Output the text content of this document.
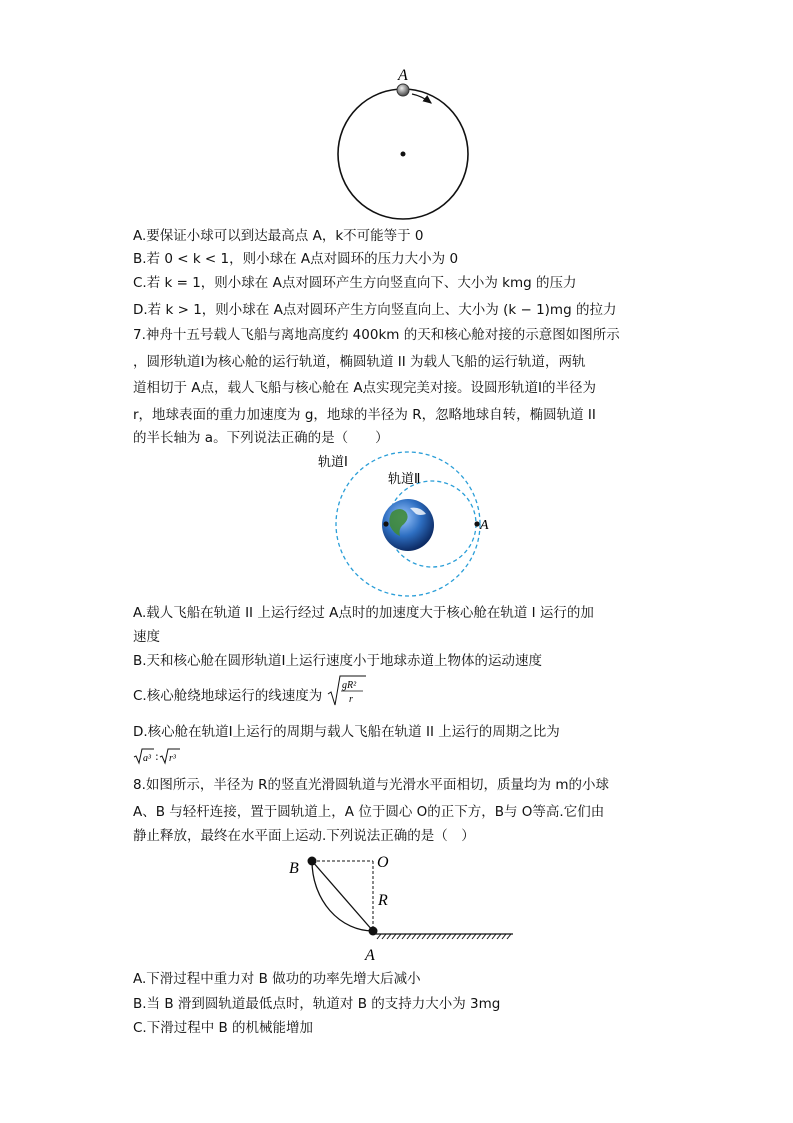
A
A.要保证小球可以到达最高点 A，k不可能等于 0
B.若 0 < k < 1，则小球在 A点对圆环的压力大小为 0
C.若 k = 1，则小球在 A点对圆环产生方向竖直向下、大小为 kmg 的压力
D.若 k > 1，则小球在 A点对圆环产生方向竖直向上、大小为 (k − 1)mg 的拉力
7.神舟十五号载人飞船与离地高度约 400km 的天和核心舱对接的示意图如图所示
，圆形轨道Ⅰ为核心舱的运行轨道，椭圆轨道 II 为载人飞船的运行轨道，两轨
道相切于 A点，载人飞船与核心舱在 A点实现完美对接。设圆形轨道Ⅰ的半径为
r，地球表面的重力加速度为 g，地球的半径为 R，忽略地球自转，椭圆轨道 II
的半长轴为 a。下列说法正确的是（　　）
轨道Ⅰ
轨道Ⅱ
A
A.载人飞船在轨道 II 上运行经过 A点时的加速度大于核心舱在轨道 I 运行的加
速度
B.天和核心舱在圆形轨道Ⅰ上运行速度小于地球赤道上物体的运动速度
C.核心舱绕地球运行的线速度为
gR²
r
D.核心舱在轨道Ⅰ上运行的周期与载人飞船在轨道 II 上运行的周期之比为
a³ : r³
8.如图所示，半径为 R的竖直光滑圆轨道与光滑水平面相切，质量均为 m的小球
A、B 与轻杆连接，置于圆轨道上，A 位于圆心 O的正下方，B与 O等高.它们由
静止释放，最终在水平面上运动.下列说法正确的是（　）
B	O
R
A
A.下滑过程中重力对 B 做功的功率先增大后减小
B.当 B 滑到圆轨道最低点时，轨道对 B 的支持力大小为 3mg
C.下滑过程中 B 的机械能增加
